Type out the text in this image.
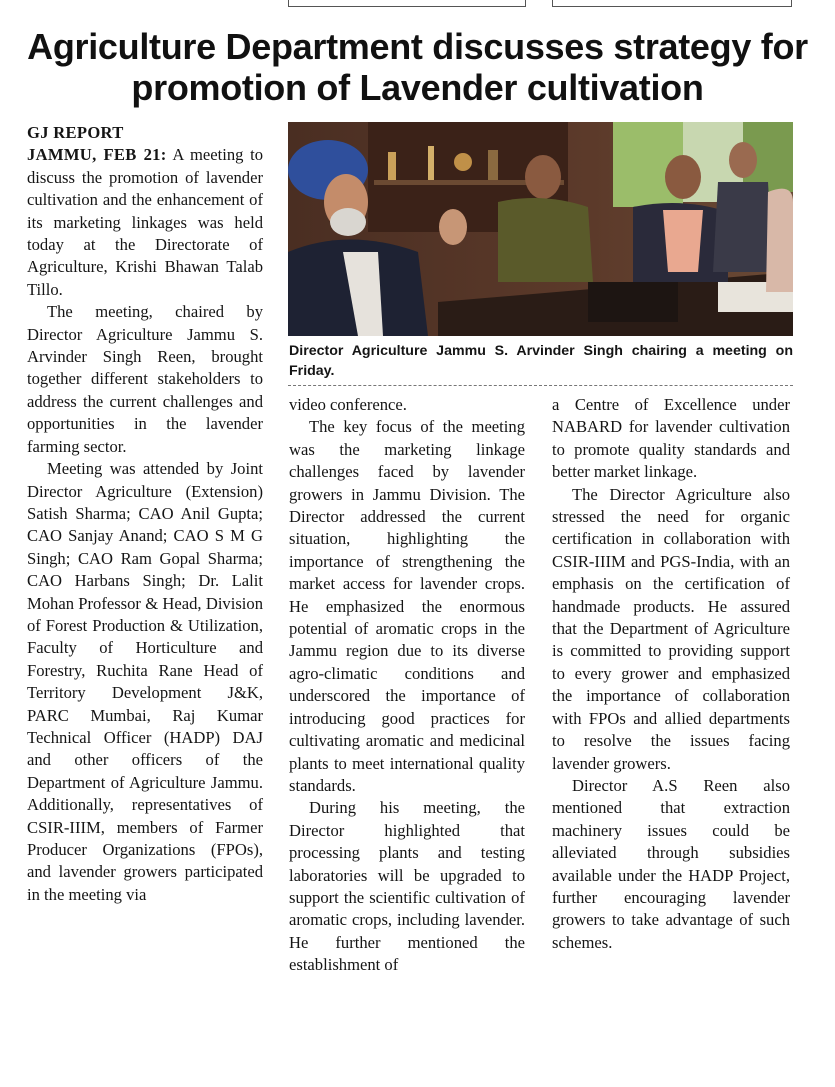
Agriculture Department discusses strategy for promotion of Lavender cultivation
GJ REPORT

JAMMU, FEB 21: A meeting to discuss the promotion of lavender cultivation and the enhancement of its marketing linkages was held today at the Directorate of Agriculture, Krishi Bhawan Talab Tillo.

The meeting, chaired by Director Agriculture Jammu S. Arvinder Singh Reen, brought together different stakeholders to address the current challenges and opportunities in the lavender farming sector.

Meeting was attended by Joint Director Agriculture (Extension) Satish Sharma; CAO Anil Gupta; CAO Sanjay Anand; CAO S M G Singh; CAO Ram Gopal Sharma; CAO Harbans Singh; Dr. Lalit Mohan Professor & Head, Division of Forest Production & Utilization, Faculty of Horticulture and Forestry, Ruchita Rane Head of Territory Development J&K, PARC Mumbai, Raj Kumar Technical Officer (HADP) DAJ and other officers of the Department of Agriculture Jammu. Additionally, representatives of CSIR-IIIM, members of Farmer Producer Organizations (FPOs), and lavender growers participated in the meeting via

Director Agriculture Jammu S. Arvinder Singh chairing a meeting on Friday.

video conference.

The key focus of the meeting was the marketing linkage challenges faced by lavender growers in Jammu Division. The Director addressed the current situation, highlighting the importance of strengthening the market access for lavender crops. He emphasized the enormous potential of aromatic crops in the Jammu region due to its diverse agro-climatic conditions and underscored the importance of introducing good practices for cultivating aromatic and medicinal plants to meet international quality standards.

During his meeting, the Director highlighted that processing plants and testing laboratories will be upgraded to support the scientific cultivation of aromatic crops, including lavender. He further mentioned the establishment of

a Centre of Excellence under NABARD for lavender cultivation to promote quality standards and better market linkage.

The Director Agriculture also stressed the need for organic certification in collaboration with CSIR-IIIM and PGS-India, with an emphasis on the certification of handmade products. He assured that the Department of Agriculture is committed to providing support to every grower and emphasized the importance of collaboration with FPOs and allied departments to resolve the issues facing lavender growers.

Director A.S Reen also mentioned that extraction machinery issues could be alleviated through subsidies available under the HADP Project, further encouraging lavender growers to take advantage of such schemes.
